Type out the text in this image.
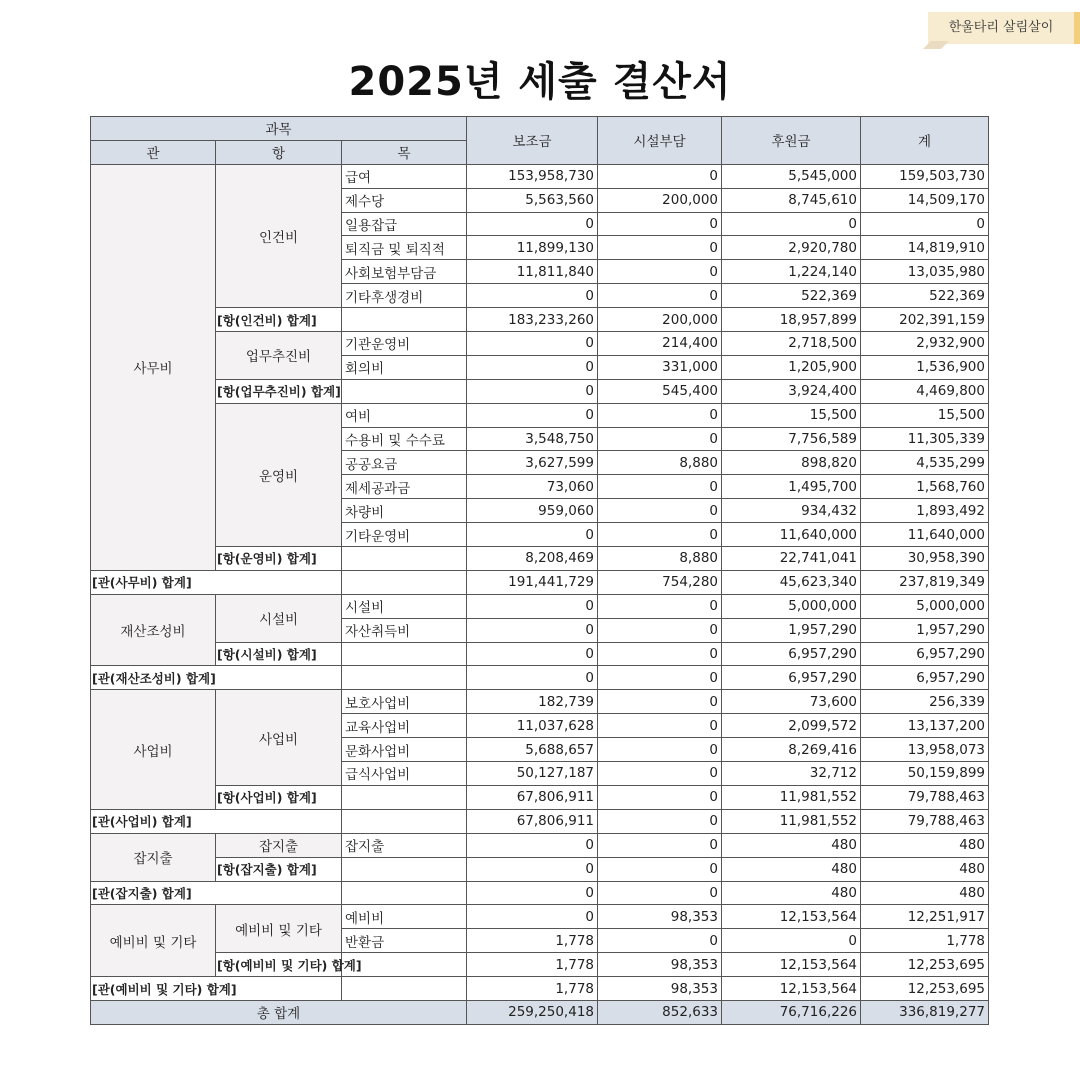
한울타리 살림살이
2025년 세출 결산서
과목			보조금	시설부담	후원금	계
관	항	목				
사무비	인건비	급여	153,958,730	0	5,545,000	159,503,730
		제수당	5,563,560	200,000	8,745,610	14,509,170
		일용잡급	0	0	0	0
		퇴직금 및 퇴직적	11,899,130	0	2,920,780	14,819,910
		사회보험부담금	11,811,840	0	1,224,140	13,035,980
		기타후생경비	0	0	522,369	522,369
	[항(인건비) 합계]		183,233,260	200,000	18,957,899	202,391,159
	업무추진비	기관운영비	0	214,400	2,718,500	2,932,900
		회의비	0	331,000	1,205,900	1,536,900
	[항(업무추진비) 합계]		0	545,400	3,924,400	4,469,800
	운영비	여비	0	0	15,500	15,500
		수용비 및 수수료	3,548,750	0	7,756,589	11,305,339
		공공요금	3,627,599	8,880	898,820	4,535,299
		제세공과금	73,060	0	1,495,700	1,568,760
		차량비	959,060	0	934,432	1,893,492
		기타운영비	0	0	11,640,000	11,640,000
	[항(운영비) 합계]		8,208,469	8,880	22,741,041	30,958,390
[관(사무비) 합계]			191,441,729	754,280	45,623,340	237,819,349
재산조성비	시설비	시설비	0	0	5,000,000	5,000,000
		자산취득비	0	0	1,957,290	1,957,290
	[항(시설비) 합계]		0	0	6,957,290	6,957,290
[관(재산조성비) 합계]			0	0	6,957,290	6,957,290
사업비	사업비	보호사업비	182,739	0	73,600	256,339
		교육사업비	11,037,628	0	2,099,572	13,137,200
		문화사업비	5,688,657	0	8,269,416	13,958,073
		급식사업비	50,127,187	0	32,712	50,159,899
	[항(사업비) 합계]		67,806,911	0	11,981,552	79,788,463
[관(사업비) 합계]			67,806,911	0	11,981,552	79,788,463
잡지출	잡지출	잡지출	0	0	480	480
	[항(잡지출) 합계]		0	0	480	480
[관(잡지출) 합계]			0	0	480	480
예비비 및 기타	예비비 및 기타	예비비	0	98,353	12,153,564	12,251,917
		반환금	1,778	0	0	1,778
	[항(예비비 및 기타) 합계]		1,778	98,353	12,153,564	12,253,695
[관(예비비 및 기타) 합계]			1,778	98,353	12,153,564	12,253,695
총 합계			259,250,418	852,633	76,716,226	336,819,277
